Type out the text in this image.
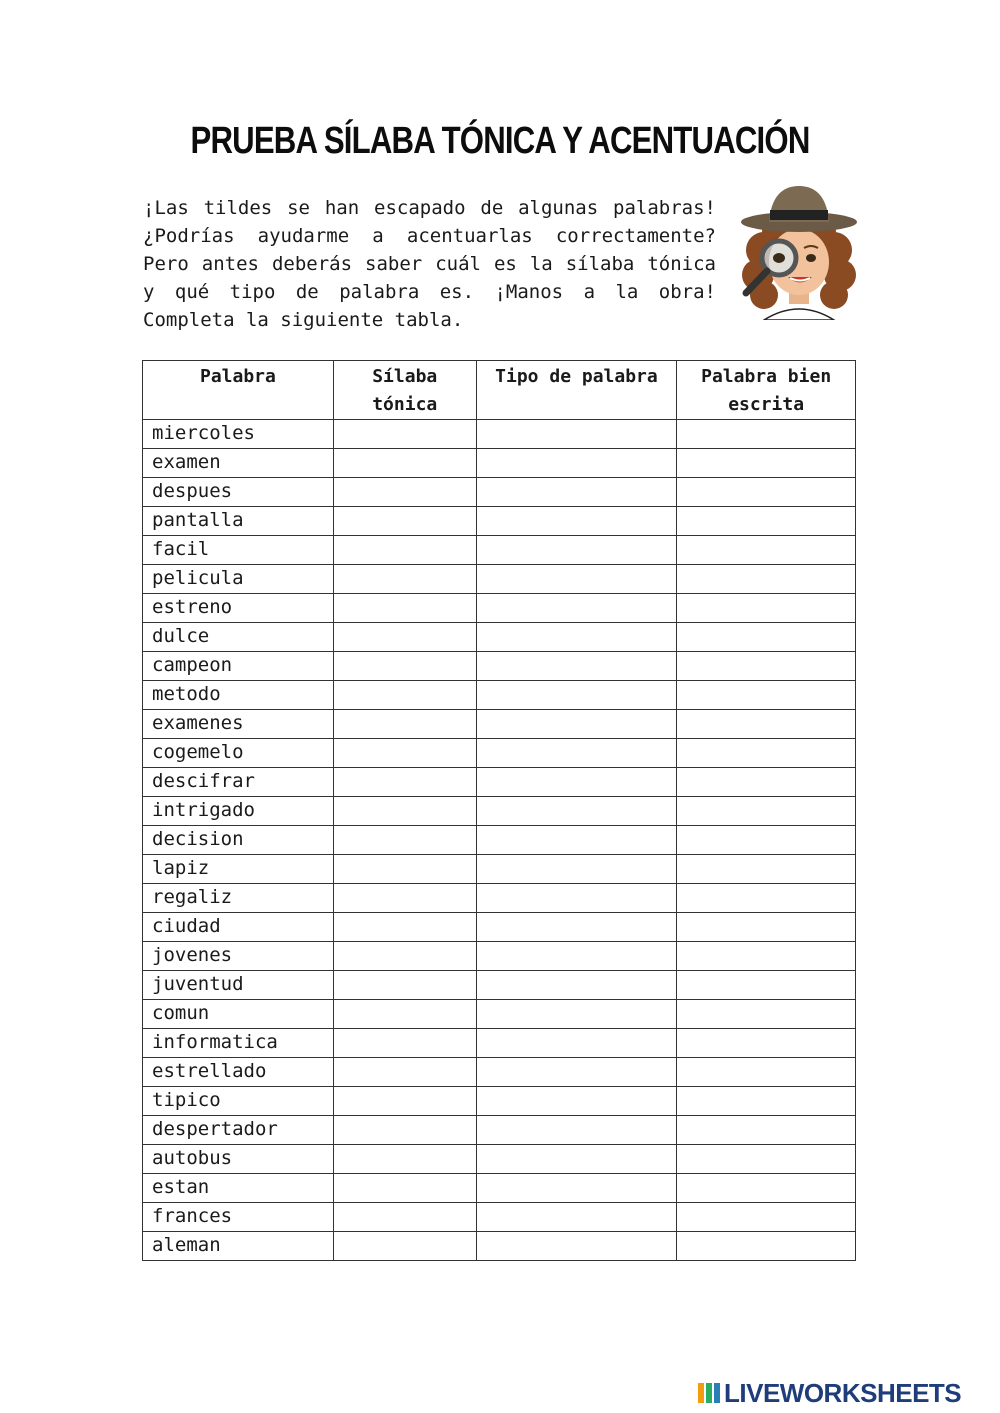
PRUEBA SÍLABA TÓNICA Y ACENTUACIÓN

¡Las tildes se han escapado de algunas palabras!
¿Podrías ayudarme a acentuarlas correctamente?
Pero antes deberás saber cuál es la sílaba tónica
y qué tipo de palabra es. ¡Manos a la obra!
Completa la siguiente tabla.

Palabra	Sílaba tónica	Tipo de palabra	Palabra bien escrita
miercoles			
examen			
despues			
pantalla			
facil			
pelicula			
estreno			
dulce			
campeon			
metodo			
examenes			
cogemelo			
descifrar			
intrigado			
decision			
lapiz			
regaliz			
ciudad			
jovenes			
juventud			
comun			
informatica			
estrellado			
tipico			
despertador			
autobus			
estan			
frances			
aleman			
LIVEWORKSHEETS
